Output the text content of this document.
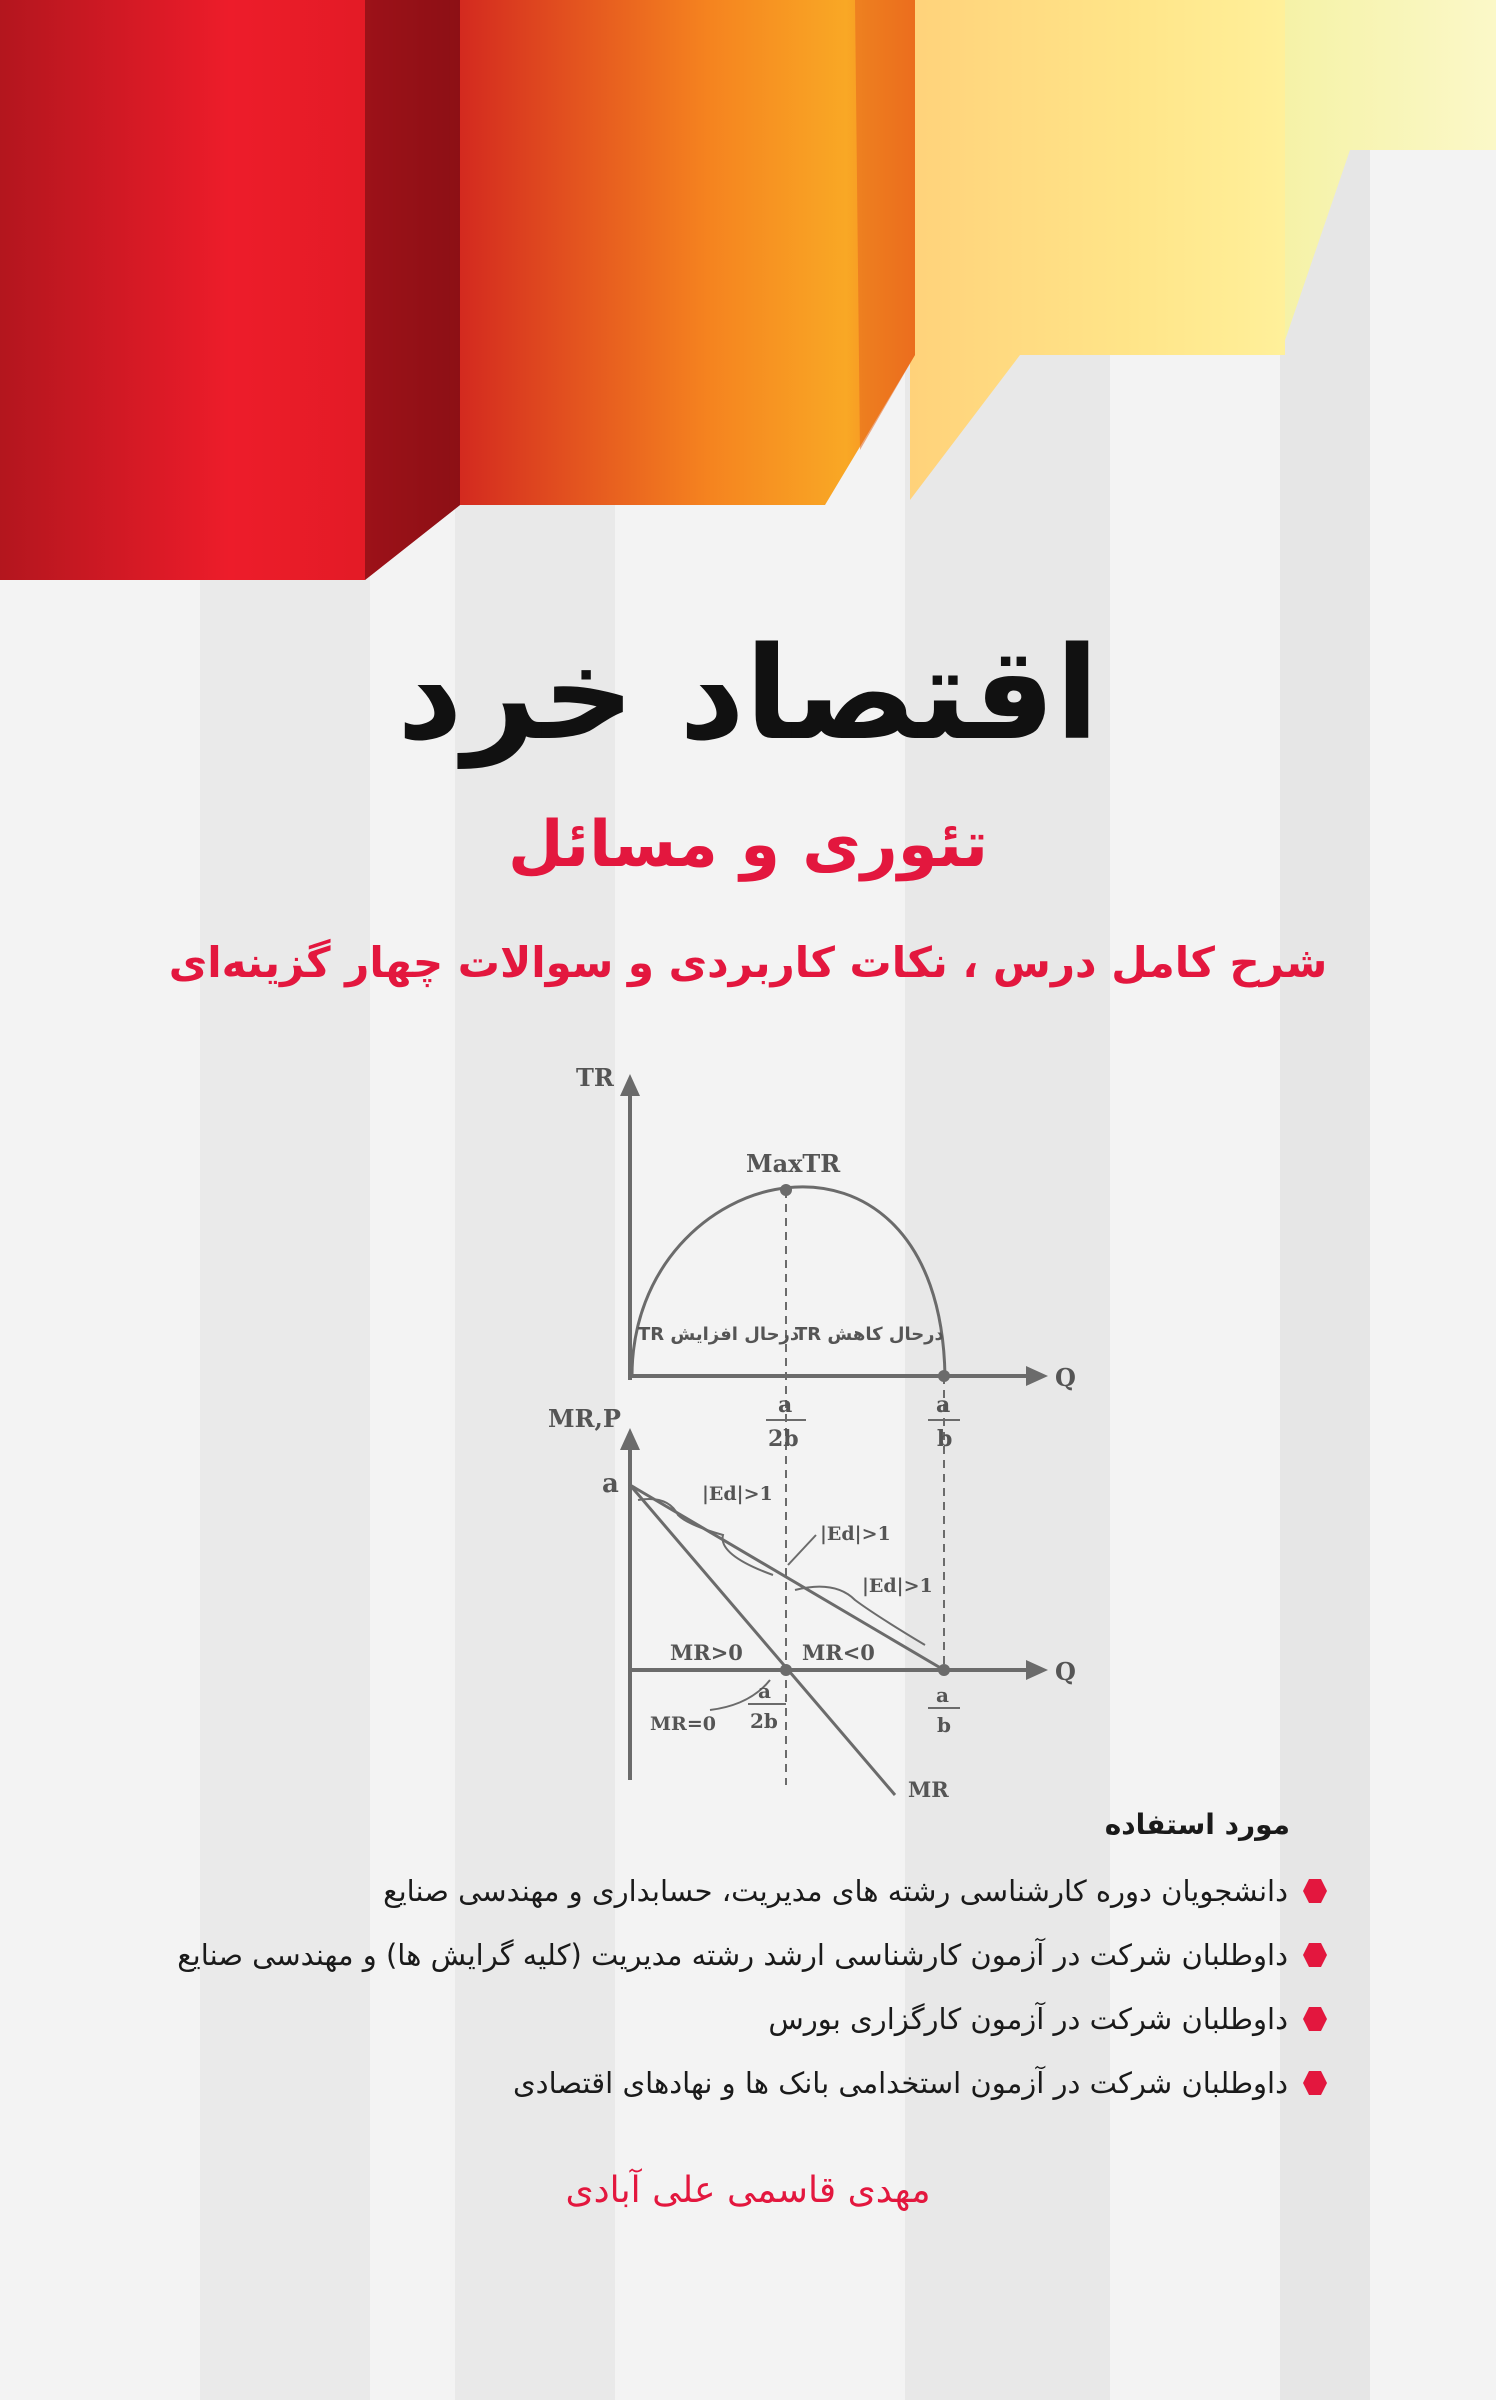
اقتصاد خرد
تئوری و مسائل
شرح کامل درس ، نکات کاربردی و سوالات چهار گزینه‌ای
TR
Q
MaxTR
TR درحال افزایش
TR درحال کاهش
a
2b
a
b
MR,P
Q
a	|Ed|>1
|Ed|>1
|Ed|>1
MR>0	MR<0
MR=0
MR
a
2b
a
b

مورد استفاده

دانشجویان دوره کارشناسی رشته های مدیریت، حسابداری و مهندسی صنایع
داوطلبان شرکت در آزمون کارشناسی ارشد رشته مدیریت (کلیه گرایش ها) و مهندسی صنایع
داوطلبان شرکت در آزمون کارگزاری بورس
داوطلبان شرکت در آزمون استخدامی بانک ها و نهادهای اقتصادی
مهدی قاسمی علی آبادی
